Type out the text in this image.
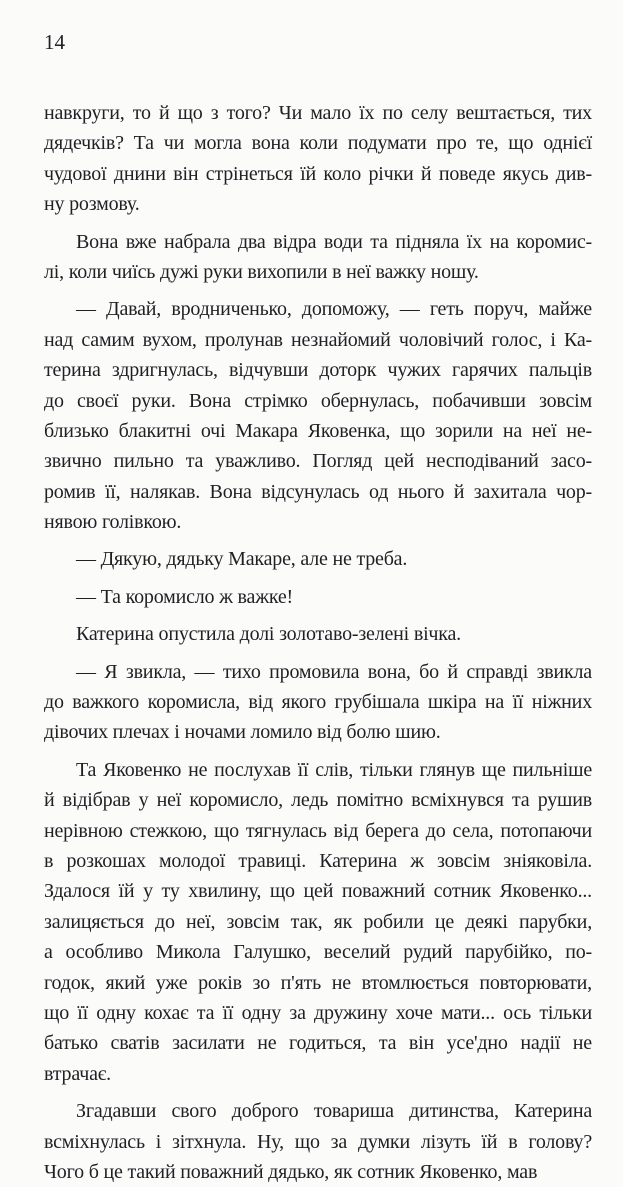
14
навкруги, то й що з того? Чи мало їх по селу вештається, тих
дядечків? Та чи могла вона коли подумати про те, що однієї
чудової днини він стрінеться їй коло річки й поведе якусь див-
ну розмову.
Вона вже набрала два відра води та підняла їх на коромис-
лі, коли чиїсь дужі руки вихопили в неї важку ношу.
— Давай, вродниченько, допоможу, — геть поруч, майже
над самим вухом, пролунав незнайомий чоловічий голос, і Ка-
терина здригнулась, відчувши доторк чужих гарячих пальців
до своєї руки. Вона стрімко обернулась, побачивши зовсім
близько блакитні очі Макара Яковенка, що зорили на неї не-
звично пильно та уважливо. Погляд цей несподіваний засо-
ромив її, налякав. Вона відсунулась од нього й захитала чор-
нявою голівкою.
— Дякую, дядьку Макаре, але не треба.
— Та коромисло ж важке!
Катерина опустила долі золотаво-зелені вічка.
— Я звикла, — тихо промовила вона, бо й справді звикла
до важкого коромисла, від якого грубішала шкіра на її ніжних
дівочих плечах і ночами ломило від болю шию.
Та Яковенко не послухав її слів, тільки глянув ще пильніше
й відібрав у неї коромисло, ледь помітно всміхнувся та рушив
нерівною стежкою, що тягнулась від берега до села, потопаючи
в розкошах молодої травиці. Катерина ж зовсім зніяковіла.
Здалося їй у ту хвилину, що цей поважний сотник Яковенко...
залицяється до неї, зовсім так, як робили це деякі парубки,
а особливо Микола Галушко, веселий рудий парубійко, по-
годок, який уже років зо п'ять не втомлюється повторювати,
що її одну кохає та її одну за дружину хоче мати... ось тільки
батько сватів засилати не годиться, та він усе'дно надії не
втрачає.
Згадавши свого доброго товариша дитинства, Катерина
всміхнулась і зітхнула. Ну, що за думки лізуть їй в голову?
Чого б це такий поважний дядько, як сотник Яковенко, мав
